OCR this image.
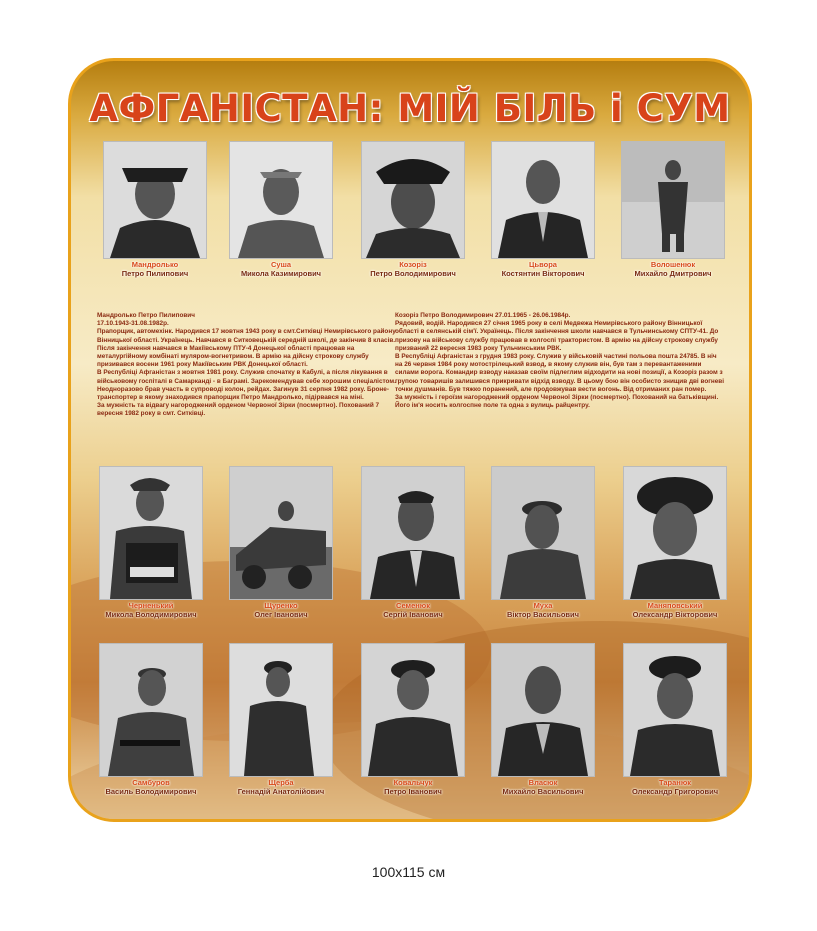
АФГАНІСТАН: МІЙ БІЛЬ і СУМ
Мандролько
Петро Пилипович
Суша
Микола Казимирович
Козоріз
Петро Володимирович
Цьвора
Костянтин Вікторович
Волошенюк
Михайло Дмитрович

Мандролько Петро Пилипович

17.10.1943-31.08.1982р.

Прапорщик, автомехінк. Народився 17 жовтня 1943 року в смт.Ситківці Немирівського району Вінницької області. Українець. Навчався в Ситковецькій середній школі, де закінчив 8 класів. Після закінчення навчався в Макіївському ПТУ-4 Донецької області працював на металургійному комбінаті муляром-вогнетривом. В армію на дійсну строкову службу призивався восени 1961 року Макіївським РВК Донецької області.

В Республіці Афганістан з жовтня 1981 року. Служив спочатку в Кабулі, а після лікування в військовому госпіталі в Самарканді - в Баграмі. Зарекомендував себе хорошим спеціалістом. Неодноразово брав участь в супроводі колон, рейдах. Загинув 31 серпня 1982 року. Броне-транспортер в якому знаходився прапорщик Петро Мандролько, підірвався на міні.

За мужність та відвагу нагороджений орденом Червоної Зірки (посмертно). Похований 7 вересня 1982 року в смт. Ситківці.

Козоріз Петро Володимирович 27.01.1965 - 26.06.1984р.

Рядовий, водій. Народився 27 січня 1965 року в селі Медвежа Немирівського району Вінницької області в селянській сім'ї. Українець. Після закінчення школи навчався в Тульчинському СПТУ-41. До призову на військову службу працював в колгоспі трактористом. В армію на дійсну строкову службу призваний 22 вересня 1983 року Тульчинським РВК.

В Республіці Афганістан з грудня 1983 року. Служив у військовій частині польова пошта 24785. В ніч на 26 червня 1984 року мотострілецький взвод, в якому служив він, був там з перевантаженими силами ворога. Командир взводу наказав своїм підлеглим відходити на нові позиції, а Козоріз разом з групою товаришів залишився прикривати відхід взводу. В цьому бою він особисто знищив дві вогневі точки душманів. Був тяжко поранений, але продовжував вести вогонь. Від отриманих ран помер.

За мужність і героїзм нагороджений орденом Червоної Зірки (посмертно). Похований на батьківщині. Його ім'я носить колгоспне поле та одна з вулиць райцентру.

Черненький
Микола Володимирович
Щуренко
Олег Іванович
Семенюк
Сергій Іванович
Муха
Віктор Васильович
Маняповський
Олександр Вікторович
Самбурoв
Василь Володимирович
Щерба
Геннадій Анатолійович
Ковальчук
Петро Іванович
Власюк
Михайло Васильович
Таранюк
Олександр Григорович
100х115 см
